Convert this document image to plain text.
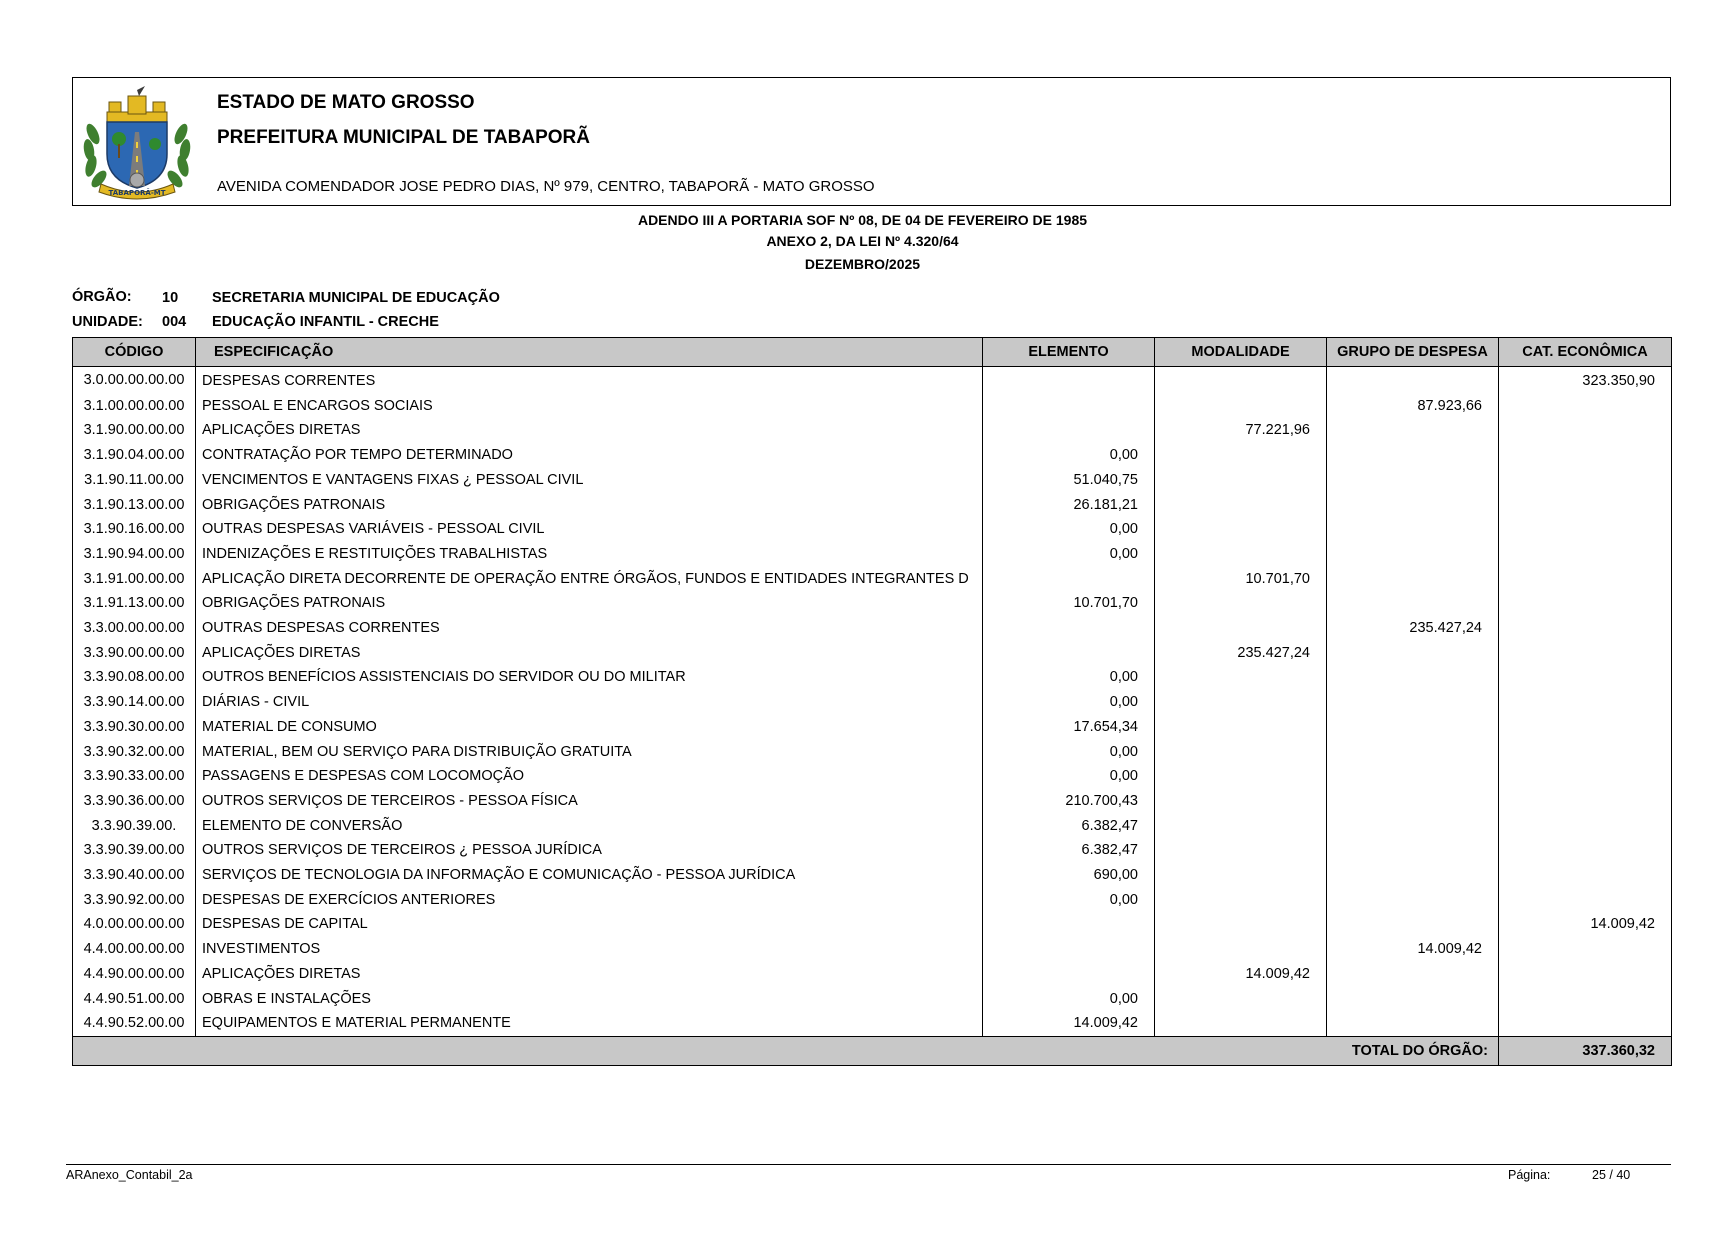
TABAPORÃ-MT
ESTADO DE MATO GROSSO
PREFEITURA MUNICIPAL DE TABAPORÃ
AVENIDA COMENDADOR JOSE PEDRO DIAS, Nº 979, CENTRO, TABAPORÃ - MATO GROSSO
ADENDO III A PORTARIA SOF Nº 08, DE 04 DE FEVEREIRO DE 1985
ANEXO 2, DA LEI Nº 4.320/64
DEZEMBRO/2025
ÓRGÃO: 10 SECRETARIA MUNICIPAL DE EDUCAÇÃO
UNIDADE: 004 EDUCAÇÃO INFANTIL - CRECHE
CÓDIGO	ESPECIFICAÇÃO	ELEMENTO	MODALIDADE	GRUPO DE DESPESA	CAT. ECONÔMICA
3.0.00.00.00.00	DESPESAS CORRENTES				323.350,90
3.1.00.00.00.00	PESSOAL E ENCARGOS SOCIAIS			87.923,66	
3.1.90.00.00.00	APLICAÇÕES DIRETAS		77.221,96		
3.1.90.04.00.00	CONTRATAÇÃO POR TEMPO DETERMINADO	0,00			
3.1.90.11.00.00	VENCIMENTOS E VANTAGENS FIXAS ¿ PESSOAL CIVIL	51.040,75			
3.1.90.13.00.00	OBRIGAÇÕES PATRONAIS	26.181,21			
3.1.90.16.00.00	OUTRAS DESPESAS VARIÁVEIS - PESSOAL CIVIL	0,00			
3.1.90.94.00.00	INDENIZAÇÕES E RESTITUIÇÕES TRABALHISTAS	0,00			
3.1.91.00.00.00	APLICAÇÃO DIRETA DECORRENTE DE OPERAÇÃO ENTRE ÓRGÃOS, FUNDOS E ENTIDADES INTEGRANTES D		10.701,70		
3.1.91.13.00.00	OBRIGAÇÕES PATRONAIS	10.701,70			
3.3.00.00.00.00	OUTRAS DESPESAS CORRENTES			235.427,24	
3.3.90.00.00.00	APLICAÇÕES DIRETAS		235.427,24		
3.3.90.08.00.00	OUTROS BENEFÍCIOS ASSISTENCIAIS DO SERVIDOR OU DO MILITAR	0,00			
3.3.90.14.00.00	DIÁRIAS - CIVIL	0,00			
3.3.90.30.00.00	MATERIAL DE CONSUMO	17.654,34			
3.3.90.32.00.00	MATERIAL, BEM OU SERVIÇO PARA DISTRIBUIÇÃO GRATUITA	0,00			
3.3.90.33.00.00	PASSAGENS E DESPESAS COM LOCOMOÇÃO	0,00			
3.3.90.36.00.00	OUTROS SERVIÇOS DE TERCEIROS - PESSOA FÍSICA	210.700,43			
3.3.90.39.00.	ELEMENTO DE CONVERSÃO	6.382,47			
3.3.90.39.00.00	OUTROS SERVIÇOS DE TERCEIROS ¿ PESSOA JURÍDICA	6.382,47			
3.3.90.40.00.00	SERVIÇOS DE TECNOLOGIA DA INFORMAÇÃO E COMUNICAÇÃO - PESSOA JURÍDICA	690,00			
3.3.90.92.00.00	DESPESAS DE EXERCÍCIOS ANTERIORES	0,00			
4.0.00.00.00.00	DESPESAS DE CAPITAL				14.009,42
4.4.00.00.00.00	INVESTIMENTOS			14.009,42	
4.4.90.00.00.00	APLICAÇÕES DIRETAS		14.009,42		
4.4.90.51.00.00	OBRAS E INSTALAÇÕES	0,00			
4.4.90.52.00.00	EQUIPAMENTOS E MATERIAL PERMANENTE	14.009,42			
TOTAL DO ÓRGÃO:					337.360,32
ARAnexo_Contabil_2a	Página:	25 / 40
